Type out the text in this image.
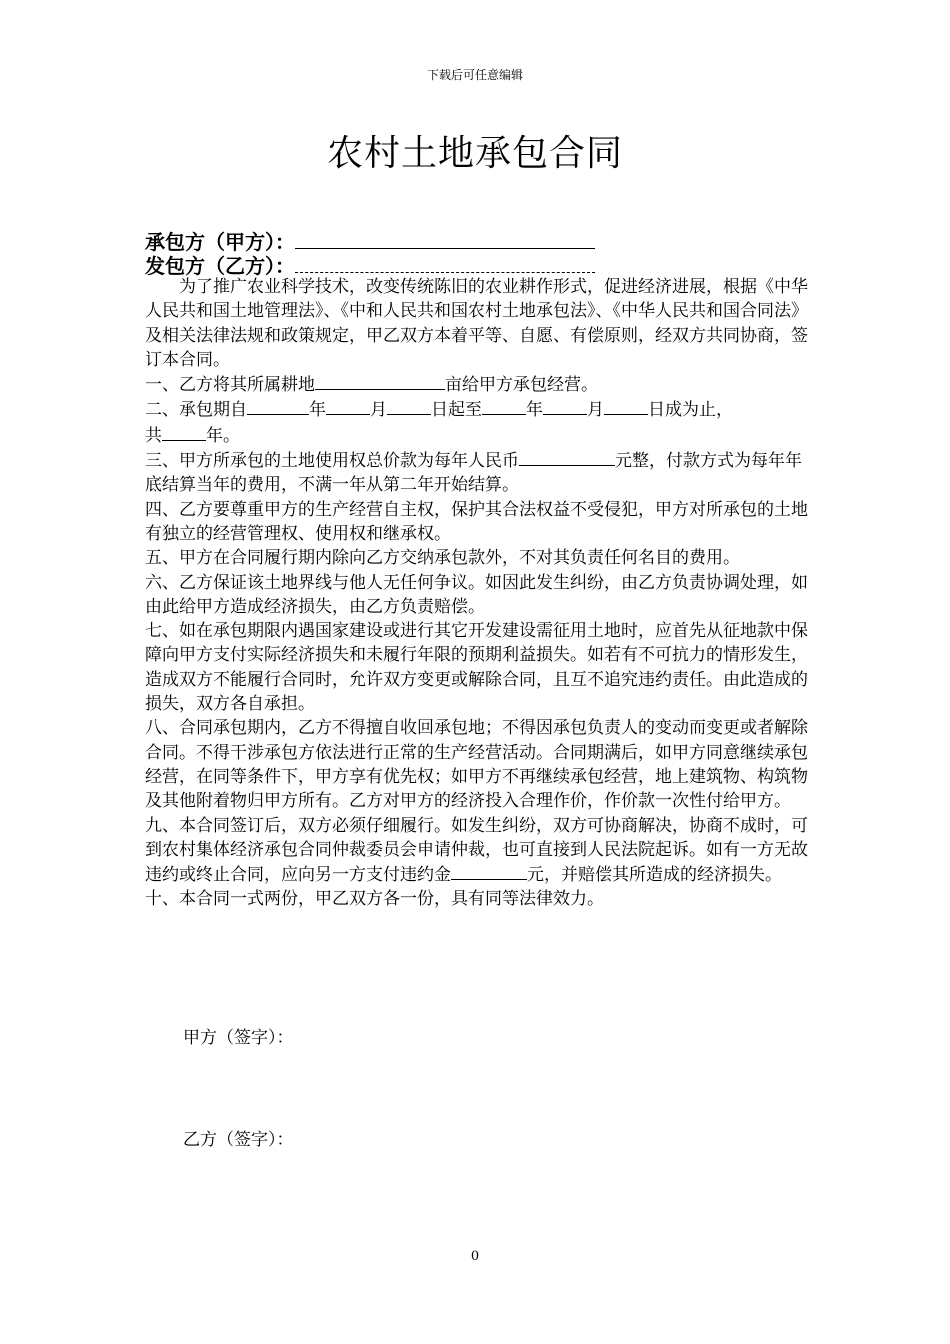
下载后可任意编辑
农村土地承包合同
承包方（甲方）：
发包方（乙方）：

为了推广农业科学技术，改变传统陈旧的农业耕作形式，促进经济进展，根据《中华人民共和国土地管理法》、《中和人民共和国农村土地承包法》、《中华人民共和国合同法》及相关法律法规和政策规定，甲乙双方本着平等、自愿、有偿原则，经双方共同协商，签订本合同。

一、乙方将其所属耕地	亩给甲方承包经营。

二、承包期自	年	月	日起至	年	月	日成为止，
共	年。

三、甲方所承包的土地使用权总价款为每年人民币	元整，付款方式为每年年底结算当年的费用，不满一年从第二年开始结算。

四、乙方要尊重甲方的生产经营自主权，保护其合法权益不受侵犯，甲方对所承包的土地有独立的经营管理权、使用权和继承权。

五、甲方在合同履行期内除向乙方交纳承包款外，不对其负责任何名目的费用。

六、乙方保证该土地界线与他人无任何争议。如因此发生纠纷，由乙方负责协调处理，如由此给甲方造成经济损失，由乙方负责赔偿。

七、如在承包期限内遇国家建设或进行其它开发建设需征用土地时，应首先从征地款中保障向甲方支付实际经济损失和未履行年限的预期利益损失。如若有不可抗力的情形发生，造成双方不能履行合同时，允许双方变更或解除合同，且互不追究违约责任。由此造成的损失，双方各自承担。

八、合同承包期内，乙方不得擅自收回承包地；不得因承包负责人的变动而变更或者解除合同。不得干涉承包方依法进行正常的生产经营活动。合同期满后，如甲方同意继续承包经营，在同等条件下，甲方享有优先权；如甲方不再继续承包经营，地上建筑物、构筑物及其他附着物归甲方所有。乙方对甲方的经济投入合理作价，作价款一次性付给甲方。

九、本合同签订后，双方必须仔细履行。如发生纠纷，双方可协商解决，协商不成时，可到农村集体经济承包合同仲裁委员会申请仲裁，也可直接到人民法院起诉。如有一方无故违约或终止合同，应向另一方支付违约金	元，并赔偿其所造成的经济损失。

十、本合同一式两份，甲乙双方各一份，具有同等法律效力。

甲方（签字）：
乙方（签字）：
0
